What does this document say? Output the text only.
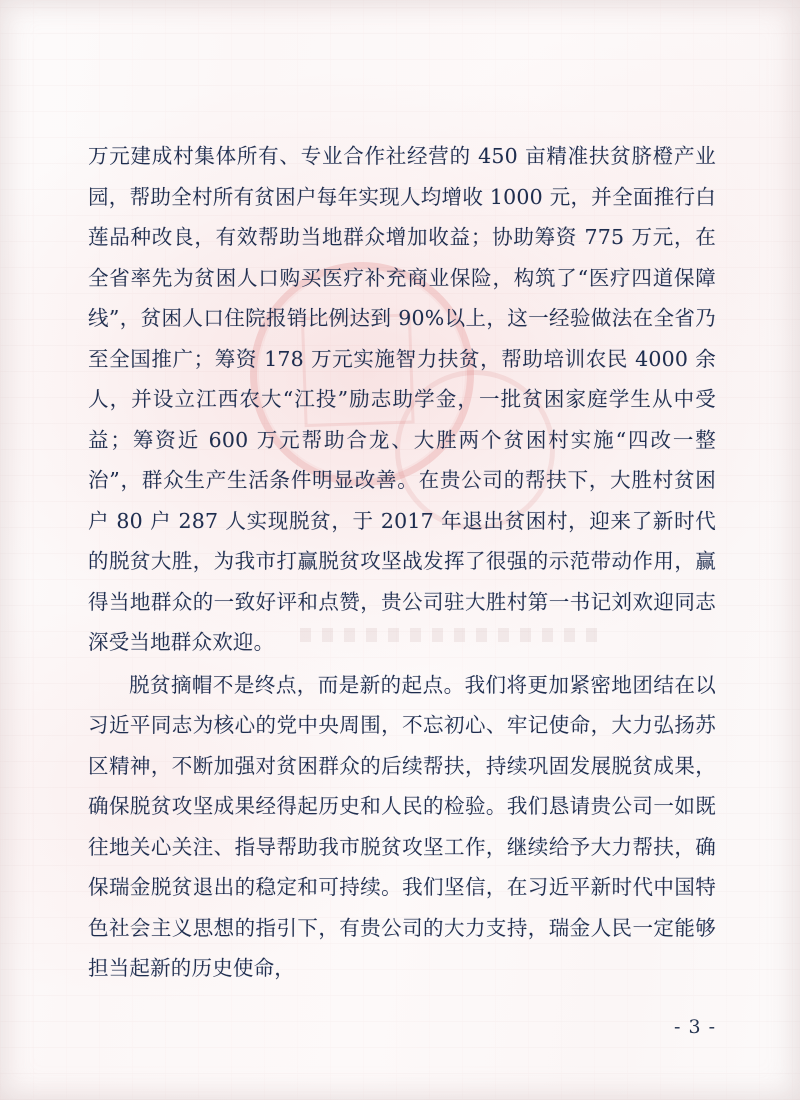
万元建成村集体所有、专业合作社经营的 450 亩精准扶贫脐橙产业园，帮助全村所有贫困户每年实现人均增收 1000 元，并全面推行白莲品种改良，有效帮助当地群众增加收益；协助筹资 775 万元，在全省率先为贫困人口购买医疗补充商业保险，构筑了“医疗四道保障线”，贫困人口住院报销比例达到 90%以上，这一经验做法在全省乃至全国推广；筹资 178 万元实施智力扶贫，帮助培训农民 4000 余人，并设立江西农大“江投”励志助学金，一批贫困家庭学生从中受益；筹资近 600 万元帮助合龙、大胜两个贫困村实施“四改一整治”，群众生产生活条件明显改善。在贵公司的帮扶下，大胜村贫困户 80 户 287 人实现脱贫，于 2017 年退出贫困村，迎来了新时代的脱贫大胜，为我市打赢脱贫攻坚战发挥了很强的示范带动作用，赢得当地群众的一致好评和点赞，贵公司驻大胜村第一书记刘欢迎同志深受当地群众欢迎。

脱贫摘帽不是终点，而是新的起点。我们将更加紧密地团结在以习近平同志为核心的党中央周围，不忘初心、牢记使命，大力弘扬苏区精神，不断加强对贫困群众的后续帮扶，持续巩固发展脱贫成果，确保脱贫攻坚成果经得起历史和人民的检验。我们恳请贵公司一如既往地关心关注、指导帮助我市脱贫攻坚工作，继续给予大力帮扶，确保瑞金脱贫退出的稳定和可持续。我们坚信，在习近平新时代中国特色社会主义思想的指引下，有贵公司的大力支持，瑞金人民一定能够担当起新的历史使命，

- 3 -
